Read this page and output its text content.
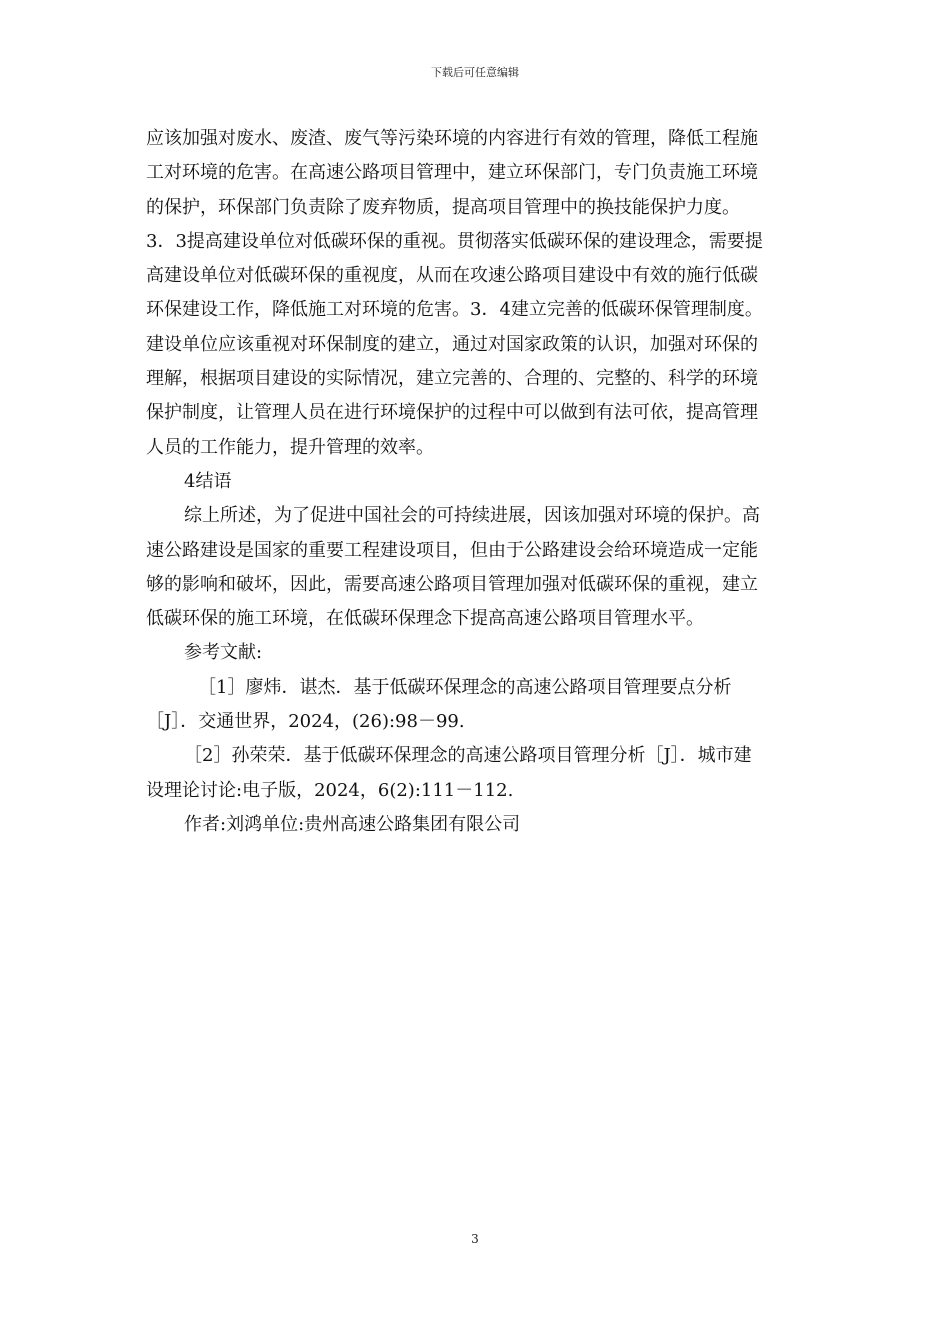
下载后可任意编辑
应该加强对废水、废渣、废气等污染环境的内容进行有效的管理，降低工程施
工对环境的危害。在高速公路项目管理中，建立环保部门，专门负责施工环境
的保护，环保部门负责除了废弃物质，提高项目管理中的换技能保护力度。
3．3提高建设单位对低碳环保的重视。贯彻落实低碳环保的建设理念，需要提
高建设单位对低碳环保的重视度，从而在攻速公路项目建设中有效的施行低碳
环保建设工作，降低施工对环境的危害。3．4建立完善的低碳环保管理制度。
建设单位应该重视对环保制度的建立，通过对国家政策的认识，加强对环保的
理解，根据项目建设的实际情况，建立完善的、合理的、完整的、科学的环境
保护制度，让管理人员在进行环境保护的过程中可以做到有法可依，提高管理
人员的工作能力，提升管理的效率。
4结语
综上所述，为了促进中国社会的可持续进展，因该加强对环境的保护。高
速公路建设是国家的重要工程建设项目，但由于公路建设会给环境造成一定能
够的影响和破坏，因此，需要高速公路项目管理加强对低碳环保的重视，建立
低碳环保的施工环境，在低碳环保理念下提高高速公路项目管理水平。
参考文献:
［1］廖炜．谌杰．基于低碳环保理念的高速公路项目管理要点分析
［J］．交通世界，2024，(26):98－99.
［2］孙荣荣．基于低碳环保理念的高速公路项目管理分析［J］．城市建
设理论讨论:电子版，2024，6(2):111－112.
作者:刘鸿单位:贵州高速公路集团有限公司
3
